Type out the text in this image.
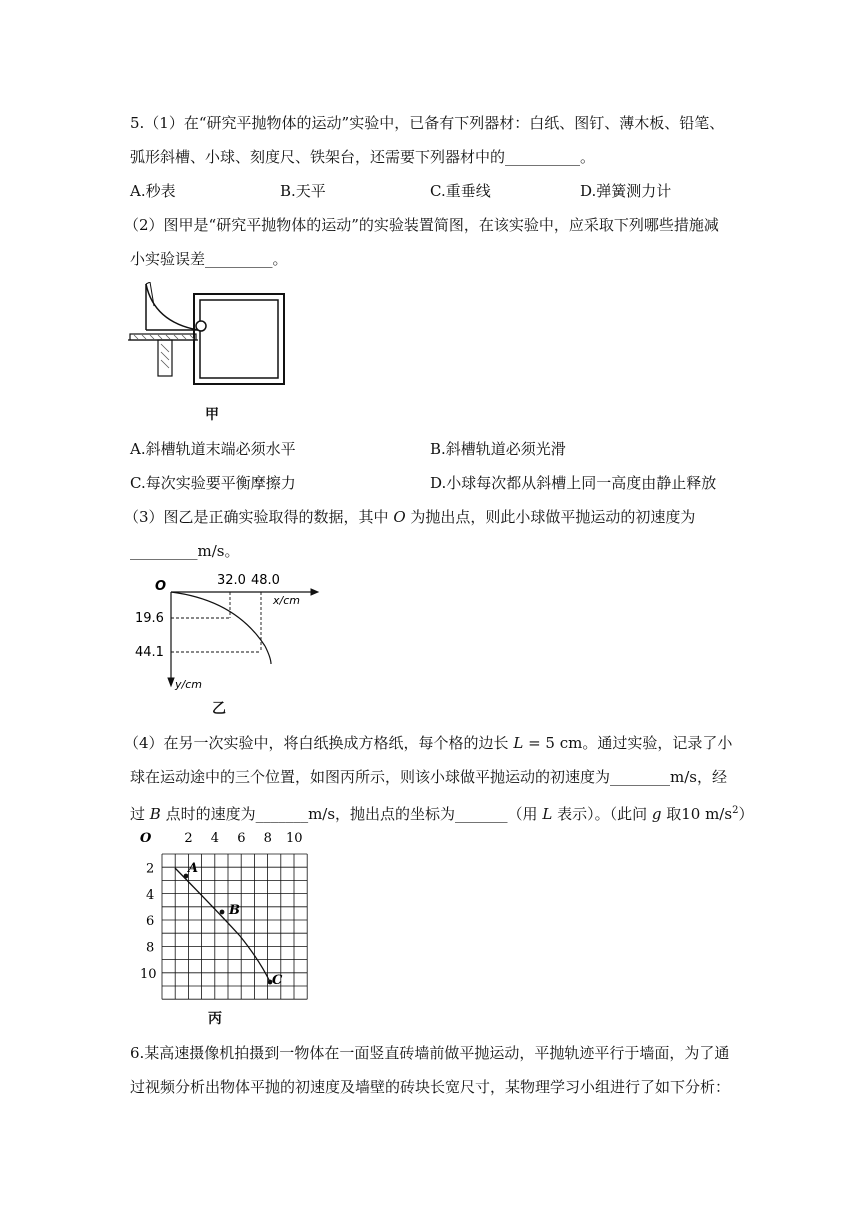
5.（1）在“研究平抛物体的运动”实验中，已备有下列器材：白纸、图钉、薄木板、铅笔、
弧形斜槽、小球、刻度尺、铁架台，还需要下列器材中的__________。
A.秒表	B.天平	C.重垂线	D.弹簧测力计
（2）图甲是“研究平抛物体的运动”的实验装置简图，在该实验中，应采取下列哪些措施减
小实验误差_________。
甲
A.斜槽轨道末端必须水平	B.斜槽轨道必须光滑
C.每次实验要平衡摩擦力	D.小球每次都从斜槽上同一高度由静止释放
（3）图乙是正确实验取得的数据，其中 O 为抛出点，则此小球做平抛运动的初速度为
_________m/s。
O	32.0 48.0
x/cm
19.6
44.1
y/cm
乙
（4）在另一次实验中，将白纸换成方格纸，每个格的边长 L = 5 cm。通过实验，记录了小
球在运动途中的三个位置，如图丙所示，则该小球做平抛运动的初速度为________m/s，经
过 B 点时的速度为_______m/s，抛出点的坐标为_______（用 L 表示）。（此问 g 取10 $m/s^2$）
A
B
C
O	2 4 6 8 10
2
4
6
8
10
丙
6.某高速摄像机拍摄到一物体在一面竖直砖墙前做平抛运动，平抛轨迹平行于墙面，为了通
过视频分析出物体平抛的初速度及墙壁的砖块长宽尺寸，某物理学习小组进行了如下分析：
